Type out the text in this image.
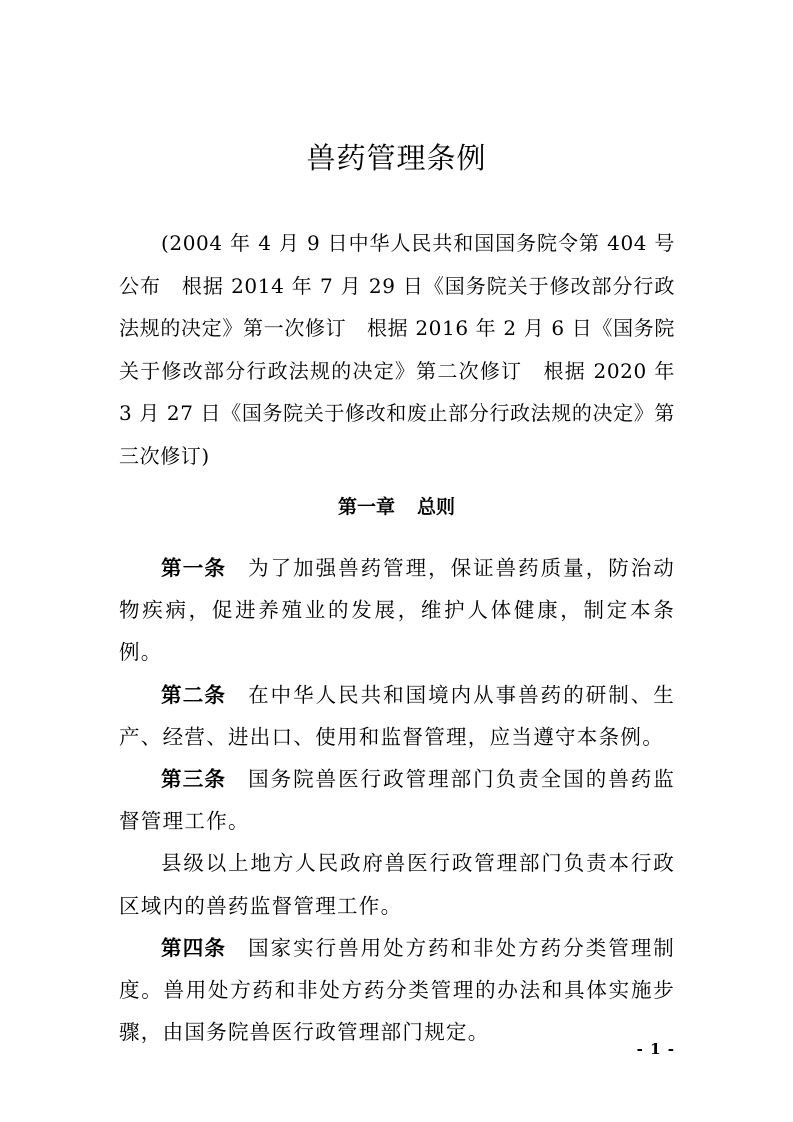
兽药管理条例

(2004 年 4 月 9 日中华人民共和国国务院令第 404 号公布　根据 2014 年 7 月 29 日《国务院关于修改部分行政法规的决定》第一次修订　根据 2016 年 2 月 6 日《国务院关于修改部分行政法规的决定》第二次修订　根据 2020 年 3 月 27 日《国务院关于修改和废止部分行政法规的决定》第三次修订)

第一章 总则

第一条 为了加强兽药管理，保证兽药质量，防治动物疾病，促进养殖业的发展，维护人体健康，制定本条例。

第二条 在中华人民共和国境内从事兽药的研制、生产、经营、进出口、使用和监督管理，应当遵守本条例。

第三条 国务院兽医行政管理部门负责全国的兽药监督管理工作。

县级以上地方人民政府兽医行政管理部门负责本行政区域内的兽药监督管理工作。

第四条 国家实行兽用处方药和非处方药分类管理制度。兽用处方药和非处方药分类管理的办法和具体实施步骤，由国务院兽医行政管理部门规定。

- 1 -
